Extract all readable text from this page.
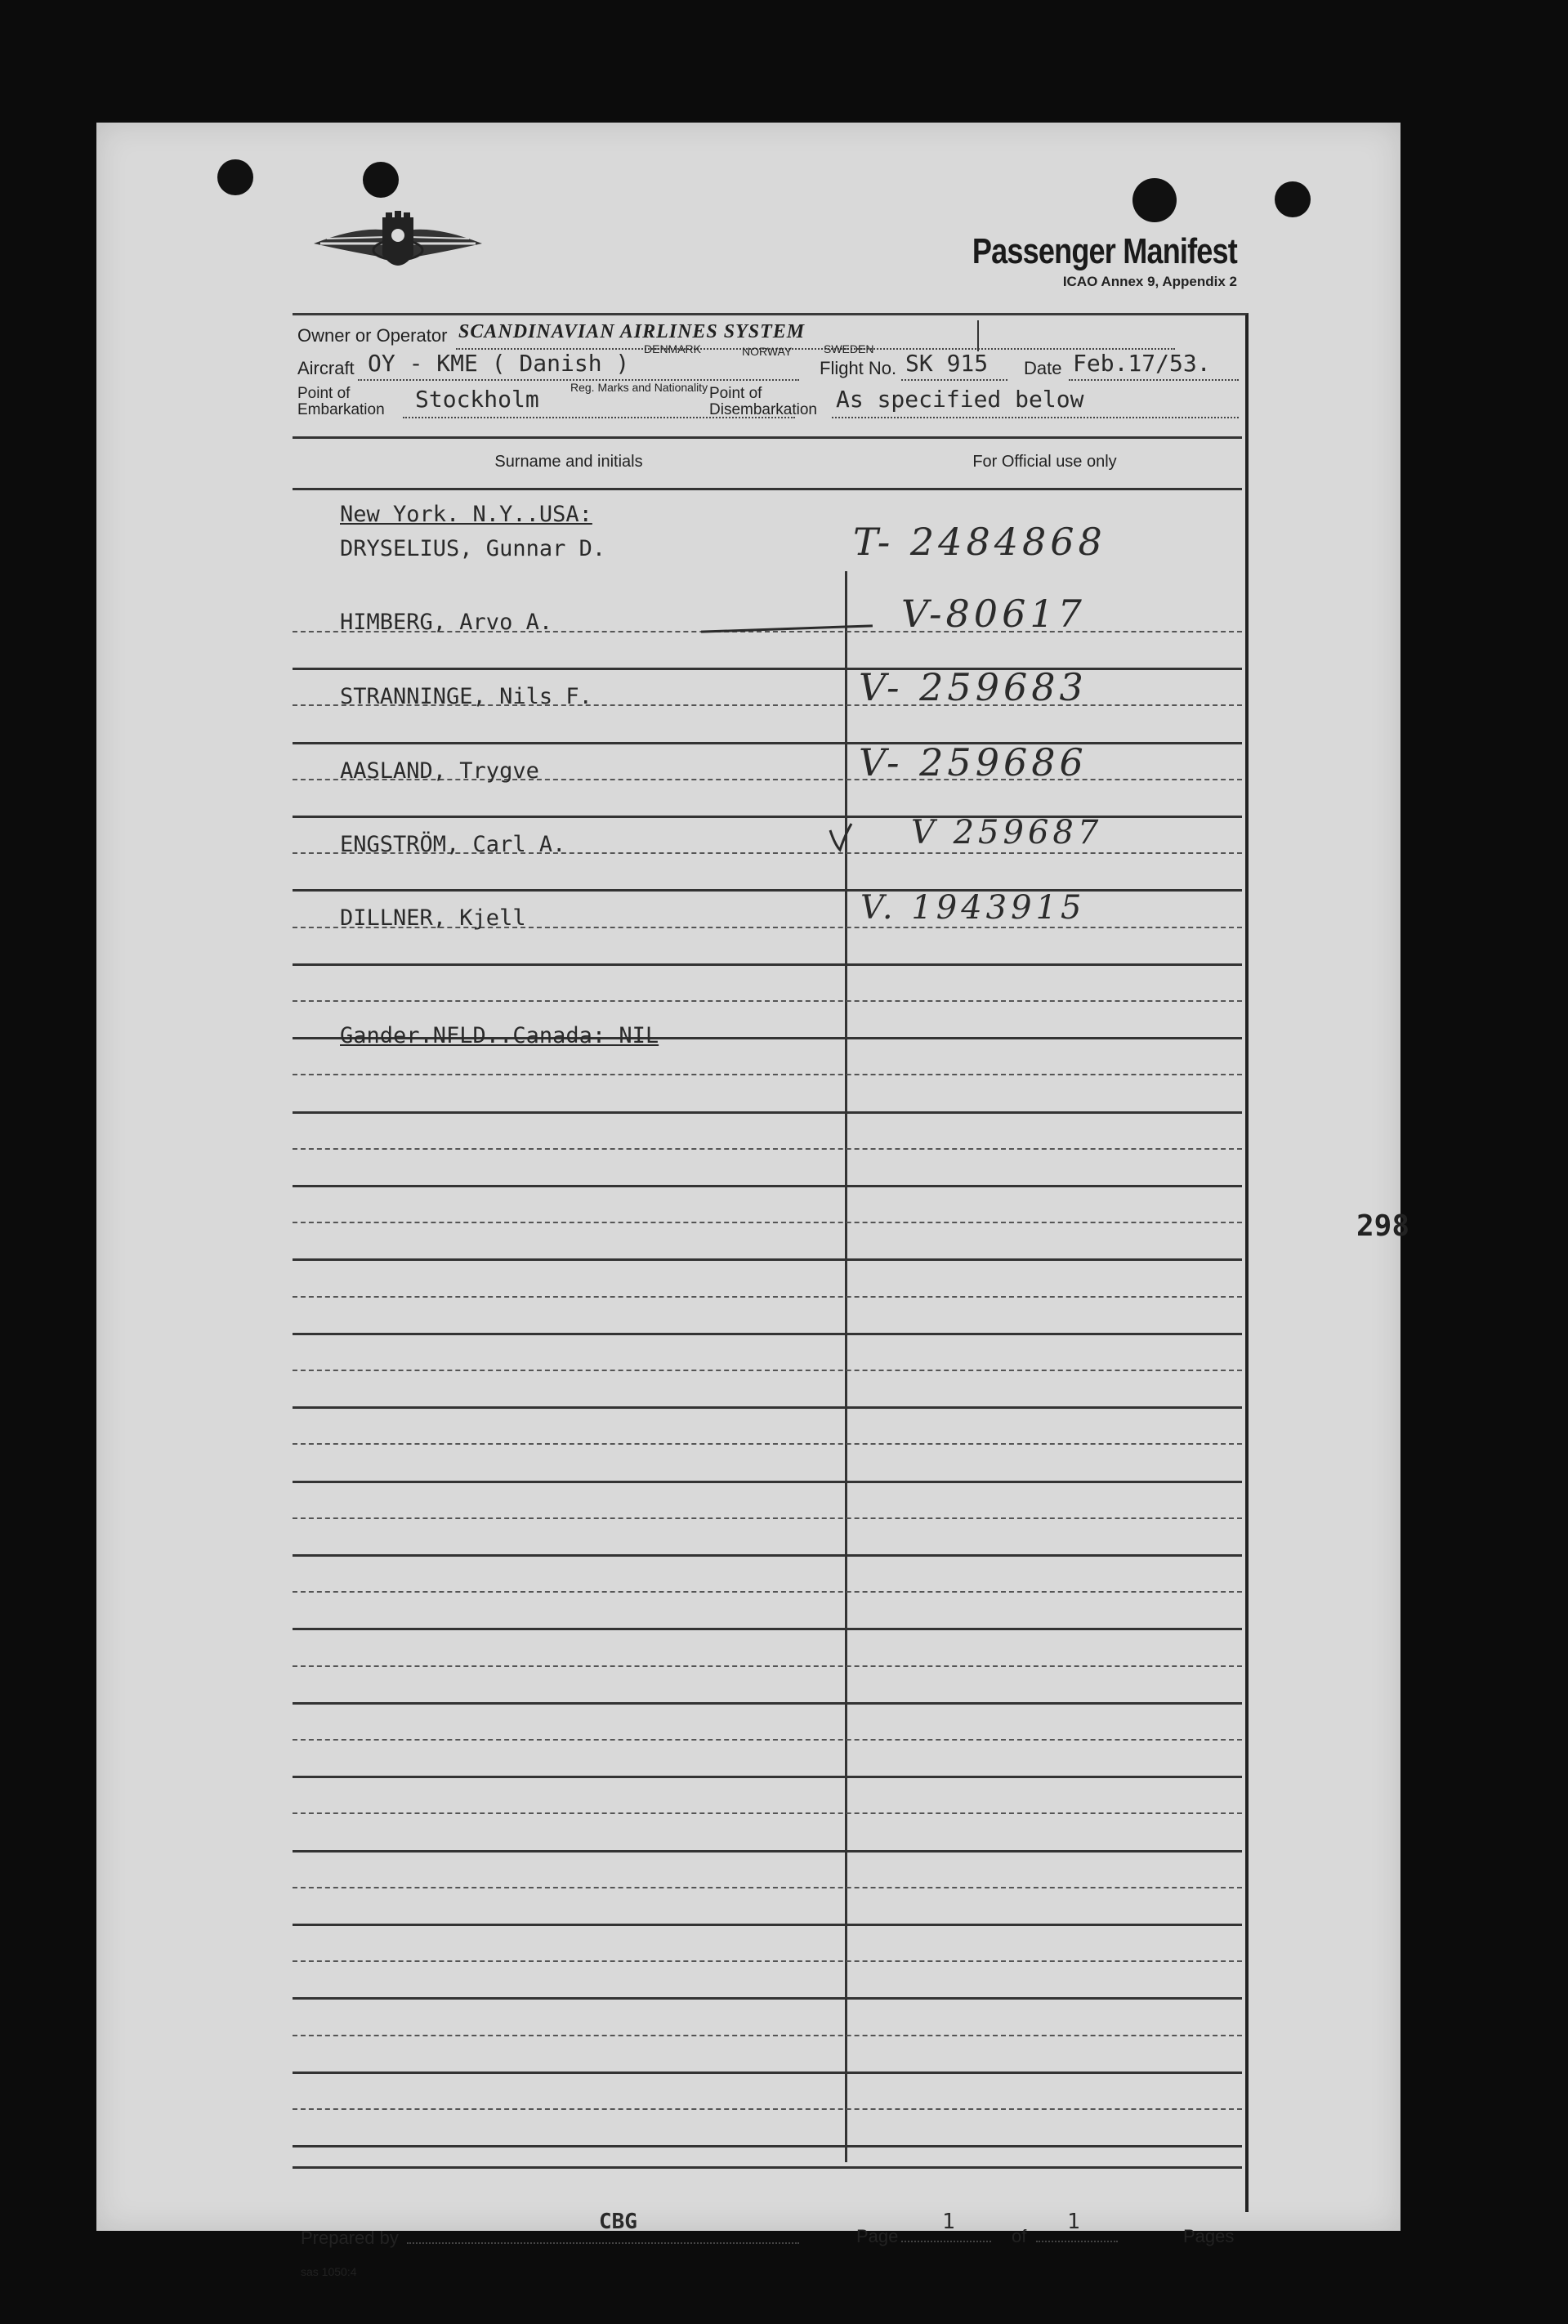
Passenger Manifest
ICAO Annex 9, Appendix 2
Owner or Operator SCANDINAVIAN AIRLINES SYSTEM
DENMARK	NORWAY	SWEDEN
Aircraft OY - KME ( Danish )
Reg. Marks and Nationality
Flight No. SK 915 Date Feb.17/53.
Point of
Embarkation Stockholm	Point of
Disembarkation As specified below
Surname and initials	For Official use only
New York. N.Y..USA:
DRYSELIUS, Gunnar D.	T- 2484868
HIMBERG, Arvo A.	V-80617
STRANNINGE, Nils F.	V- 259683
AASLAND, Trygve	V- 259686
ENGSTRÖM, Carl A.	V 259687
DILLNER, Kjell	V. 1943915
Gander.NFLD..Canada: NIL
Prepared by
CBG
Page
1
of
1
Pages
sas 1050:4
298
